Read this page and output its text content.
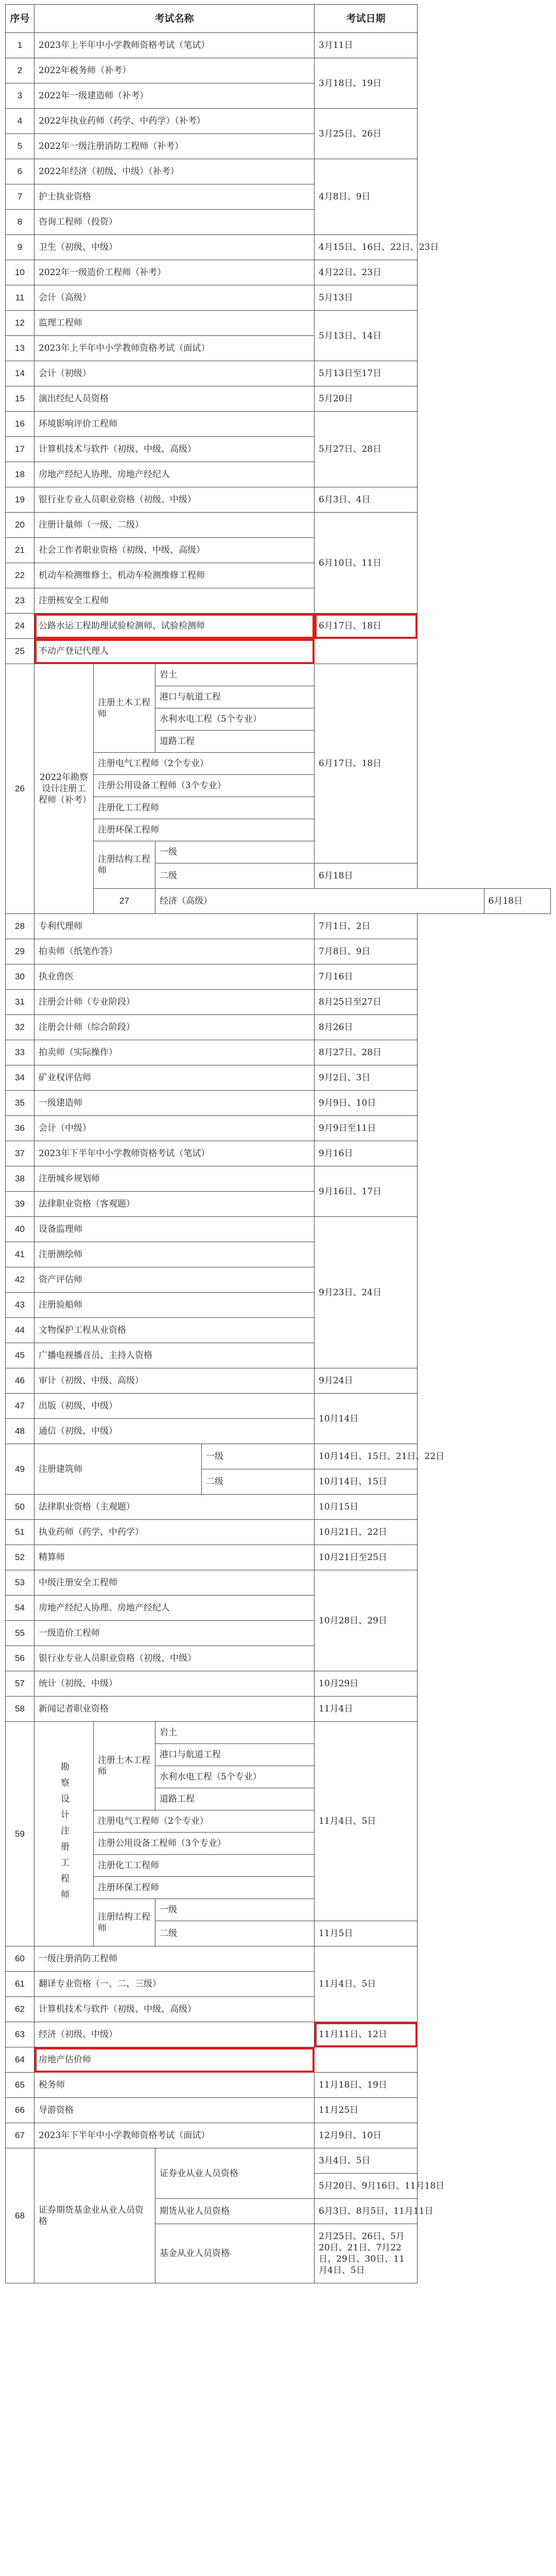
序号	考试名称				考试日期	
1	2023年上半年中小学教师资格考试（笔试）				3月11日	
2	2022年税务师（补考）				3月18日、19日	
3	2022年一级建造师（补考）					
4	2022年执业药师（药学、中药学）（补考）				3月25日、26日	
5	2022年一级注册消防工程师（补考）					
6	2022年经济（初级、中级）（补考）				4月8日、9日	
7	护士执业资格					
8	咨询工程师（投资）					
9	卫生（初级、中级）				4月15日、16日、22日、23日	
10	2022年一级造价工程师（补考）				4月22日、23日	
11	会计（高级）				5月13日	
12	监理工程师				5月13日、14日	
13	2023年上半年中小学教师资格考试（面试）					
14	会计（初级）				5月13日至17日	
15	演出经纪人员资格				5月20日	
16	环境影响评价工程师				5月27日、28日	
17	计算机技术与软件（初级、中级、高级）					
18	房地产经纪人协理、房地产经纪人					
19	银行业专业人员职业资格（初级、中级）				6月3日、4日	
20	注册计量师（一级、二级）				6月10日、11日	
21	社会工作者职业资格（初级、中级、高级）					
22	机动车检测维修士、机动车检测维修工程师					
23	注册核安全工程师					
24	公路水运工程助理试验检测师、试验检测师				6月17日、18日	
25	不动产登记代理人					
26	2022年勘察设计注册工程师（补考）	注册土木工程师	岩土		6月17日、18日	
			港口与航道工程			
			水利水电工程（5个专业）			
			道路工程			
		注册电气工程师（2个专业）				
		注册公用设备工程师（3个专业）				
		注册化工工程师				
		注册环保工程师				
		注册结构工程师	一级			
			二级		6月18日	
		27	经济（高级）			6月18日
28	专利代理师				7月1日、2日	
29	拍卖师（纸笔作答）				7月8日、9日	
30	执业兽医				7月16日	
31	注册会计师（专业阶段）				8月25日至27日	
32	注册会计师（综合阶段）				8月26日	
33	拍卖师（实际操作）				8月27日、28日	
34	矿业权评估师				9月2日、3日	
35	一级建造师				9月9日、10日	
36	会计（中级）				9月9日至11日	
37	2023年下半年中小学教师资格考试（笔试）				9月16日	
38	注册城乡规划师				9月16日、17日	
39	法律职业资格（客观题）					
40	设备监理师				9月23日、24日	
41	注册测绘师					
42	资产评估师					
43	注册验船师					
44	文物保护工程从业资格					
45	广播电视播音员、主持人资格					
46	审计（初级、中级、高级）				9月24日	
47	出版（初级、中级）				10月14日	
48	通信（初级、中级）					
49	注册建筑师			一级	10月14日、15日、21日、22日	
				二级	10月14日、15日	
50	法律职业资格（主观题）				10月15日	
51	执业药师（药学、中药学）				10月21日、22日	
52	精算师				10月21日至25日	
53	中级注册安全工程师				10月28日、29日	
54	房地产经纪人协理、房地产经纪人					
55	一级造价工程师					
56	银行业专业人员职业资格（初级、中级）					
57	统计（初级、中级）				10月29日	
58	新闻记者职业资格				11月4日	
59	勘察设计注册工程师	注册土木工程师	岩土		11月4日、5日	
			港口与航道工程			
			水利水电工程（5个专业）			
			道路工程			
		注册电气工程师（2个专业）				
		注册公用设备工程师（3个专业）				
		注册化工工程师				
		注册环保工程师				
		注册结构工程师	一级			
			二级		11月5日	
60	一级注册消防工程师				11月4日、5日	
61	翻译专业资格（一、二、三级）					
62	计算机技术与软件（初级、中级、高级）					
63	经济（初级、中级）				11月11日、12日	
64	房地产估价师					
65	税务师				11月18日、19日	
66	导游资格				11月25日	
67	2023年下半年中小学教师资格考试（面试）				12月9日、10日	
68	证券期货基金业从业人员资格		证券业从业人员资格		3月4日、5日	
					5月20日、9月16日、11月18日	
			期货从业人员资格		6月3日、8月5日、11月11日	
			基金从业人员资格		2月25日、26日、5月20日、21日、7月22日、29日、30日、11月4日、5日	
